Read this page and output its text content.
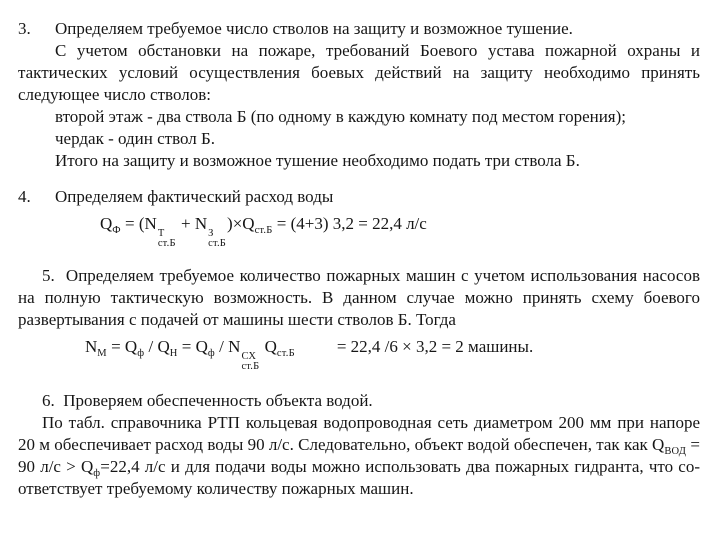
3.	Определяем требуемое число стволов на защиту и возможное тушение.
С учетом обстановки на пожаре, требований Боевого устава пожарной охраны и тактических условий осуществления боевых действий на защиту необходимо принять следующее число стволов:
второй этаж - два ствола Б (по одному в каждую комнату под местом горения);
чердак - один ствол Б.
Итого на защиту и возможное тушение необходимо подать три ствола Б.
4.	Определяем фактический расход воды
$Q_Ф = (N$
Т
ст.Б
+ N
З
ст.Б
)$\times Q_{ст.Б} = (4+3)$ 3,2 = 22,4 л/с
5.  Определяем требуемое количество пожарных машин с учетом использования насосов на полную тактическую возможность. В данном случае можно принять схему боевого развертывания с подачей от машины шести стволов Б. Тогда
$N_М = Q_ф / Q_Н = Q_ф / N$
СХ
ст.Б
$Q_{ст.Б} = 22,4$ /6 × 3,2 = 2 машины.
6.  Проверяем обеспеченность объекта водой.
По табл. справочника РТП кольцевая водопроводная сеть диаметром 200 мм при напоре 20 м обеспечивает расход воды 90 л/с. Следовательно, объект водой обеспечен, так как $Q_{ВОД} = 90$ $л/с > Q_ф=22,4$ л/с и для подачи воды можно использовать два пожарных гидранта, что со-ответствует требуемому количеству пожарных машин.
